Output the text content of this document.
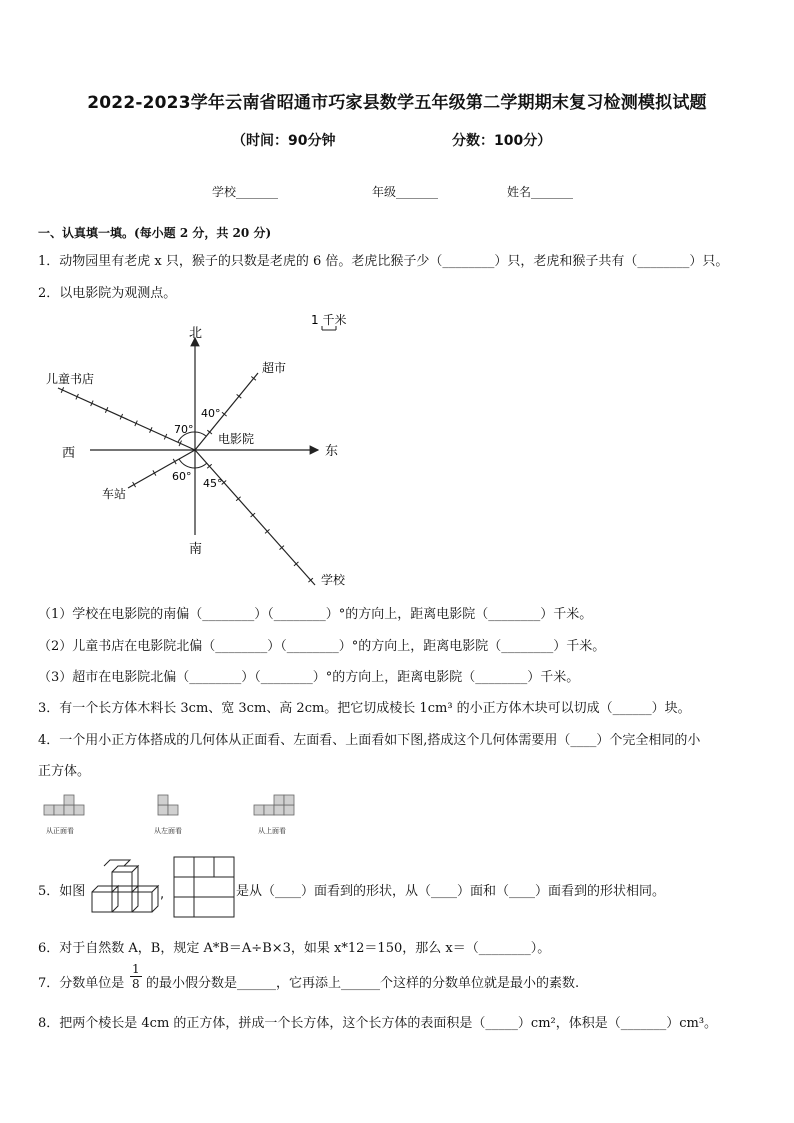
2022-2023学年云南省昭通市巧家县数学五年级第二学期期末复习检测模拟试题
（时间：90分钟	分数：100分）
学校_______	年级_______	姓名_______
一、认真填一填。(每小题 2 分，共 20 分)
1．动物园里有老虎 x 只，猴子的只数是老虎的 6 倍。老虎比猴子少（________）只，老虎和猴子共有（________）只。
2．以电影院为观测点。
北
南
东
西
电影院
1 千米
超市
儿童书店
车站
学校
40°
70°
60°
45°
（1）学校在电影院的南偏（________）（________）°的方向上，距离电影院（________）千米。
（2）儿童书店在电影院北偏（________）（________）°的方向上，距离电影院（________）千米。
（3）超市在电影院北偏（________）（________）°的方向上，距离电影院（________）千米。
3．有一个长方体木料长 3cm、宽 3cm、高 2cm。把它切成棱长 1cm³ 的小正方体木块可以切成（______）块。
4．一个用小正方体搭成的几何体从正面看、左面看、上面看如下图,搭成这个几何体需要用（____）个完全相同的小
正方体。
从正面看	从左面看	从上面看
5．如图	,	是从（____）面看到的形状，从（____）面和（____）面看到的形状相同。
6．对于自然数 A，B，规定 A*B＝A÷B×3，如果 x*12＝150，那么 x＝（________）。
7．分数单位是 $\frac{1}{8}$ 的最小假分数是______，它再添上______个这样的分数单位就是最小的素数.
8．把两个棱长是 4cm 的正方体，拼成一个长方体，这个长方体的表面积是（_____）cm²，体积是（_______）cm³。
